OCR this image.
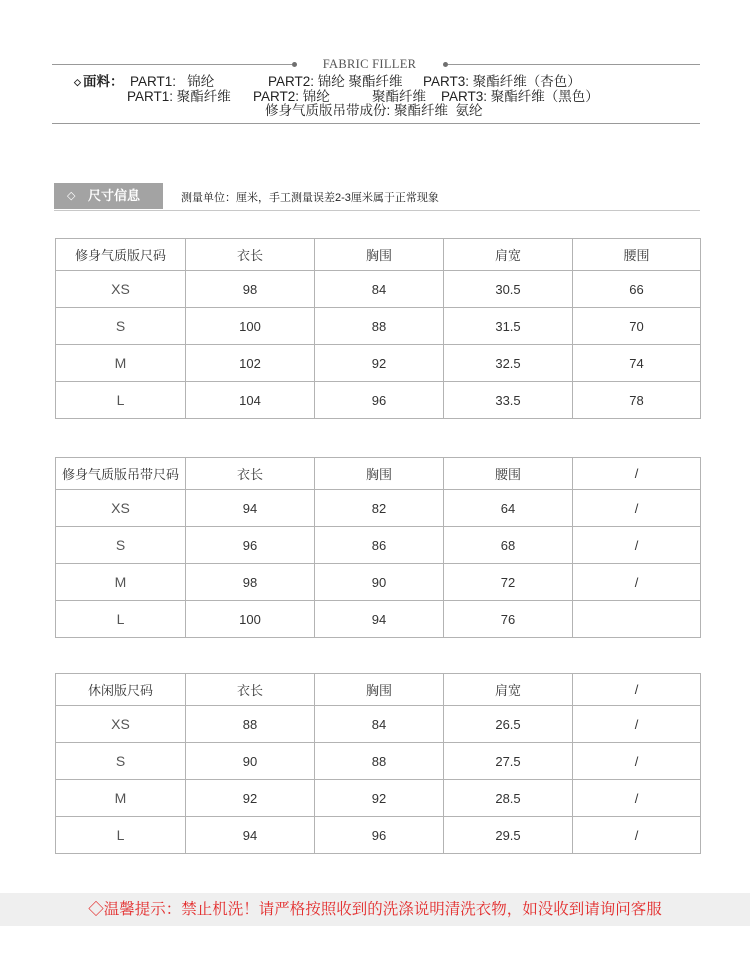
FABRIC FILLER
◇ 面料： PART1:   锦纶	PART2: 锦纶 聚酯纤维 PART3: 聚酯纤维（杏色）
PART1: 聚酯纤维 PART2: 锦纶	聚酯纤维 PART3: 聚酯纤维（黑色）
修身气质版吊带成份: 聚酯纤维  氨纶
◇ 尺寸信息	测量单位：厘米，手工测量误差2-3厘米属于正常现象
修身气质版尺码	衣长	胸围	肩宽	腰围
XS	98	84	30.5	66
S	100	88	31.5	70
M	102	92	32.5	74
L	104	96	33.5	78
修身气质版吊带尺码	衣长	胸围	腰围	/
XS	94	82	64	/
S	96	86	68	/
M	98	90	72	/
L	100	94	76	
休闲版尺码	衣长	胸围	肩宽	/
XS	88	84	26.5	/
S	90	88	27.5	/
M	92	92	28.5	/
L	94	96	29.5	/
◇温馨提示：禁止机洗！请严格按照收到的洗涤说明清洗衣物，如没收到请询问客服
